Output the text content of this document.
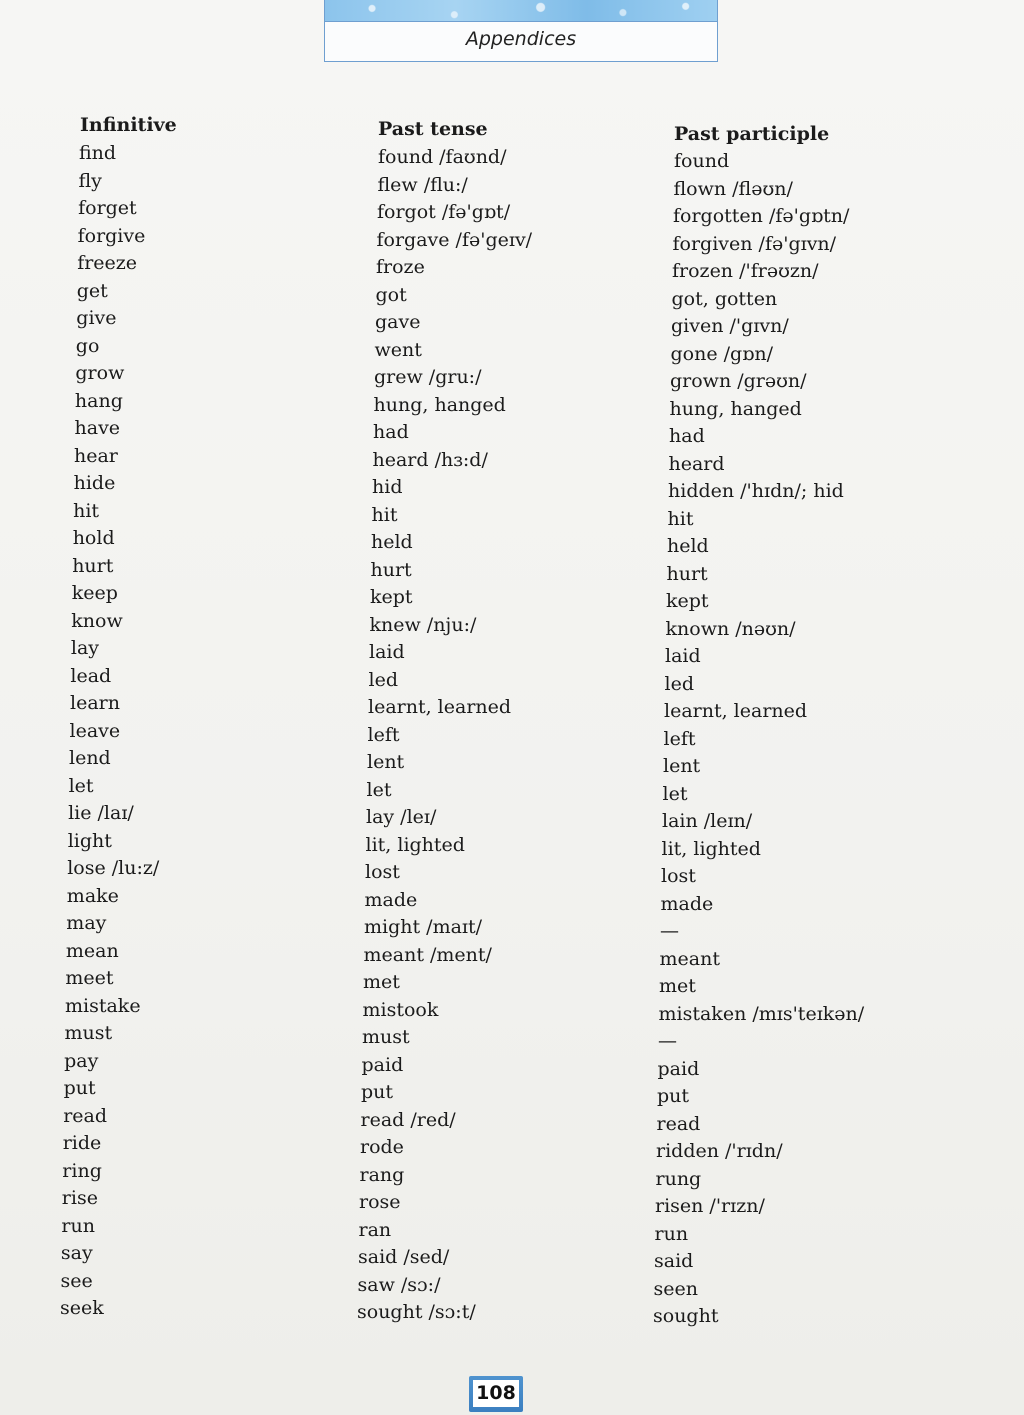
Appendices
Infinitive
find
fly
forget
forgive
freeze
get
give
go
grow
hang
have
hear
hide
hit
hold
hurt
keep
know
lay
lead
learn
leave
lend
let
lie /laɪ/
light
lose /lu:z/
make
may
mean
meet
mistake
must
pay
put
read
ride
ring
rise
run
say
see
seek
Past tense
found /faʊnd/
flew /flu:/
forgot /fə'gɒt/
forgave /fə'geɪv/
froze
got
gave
went
grew /gru:/
hung, hanged
had
heard /hɜ:d/
hid
hit
held
hurt
kept
knew /nju:/
laid
led
learnt, learned
left
lent
let
lay /leɪ/
lit, lighted
lost
made
might /maɪt/
meant /ment/
met
mistook
must
paid
put
read /red/
rode
rang
rose
ran
said /sed/
saw /sɔ:/
sought /sɔ:t/
Past participle
found
flown /fləʊn/
forgotten /fə'gɒtn/
forgiven /fə'gɪvn/
frozen /'frəʊzn/
got, gotten
given /'gɪvn/
gone /gɒn/
grown /grəʊn/
hung, hanged
had
heard
hidden /'hɪdn/; hid
hit
held
hurt
kept
known /nəʊn/
laid
led
learnt, learned
left
lent
let
lain /leɪn/
lit, lighted
lost
made
—
meant
met
mistaken /mɪs'teɪkən/
—
paid
put
read
ridden /'rɪdn/
rung
risen /'rɪzn/
run
said
seen
sought
108
